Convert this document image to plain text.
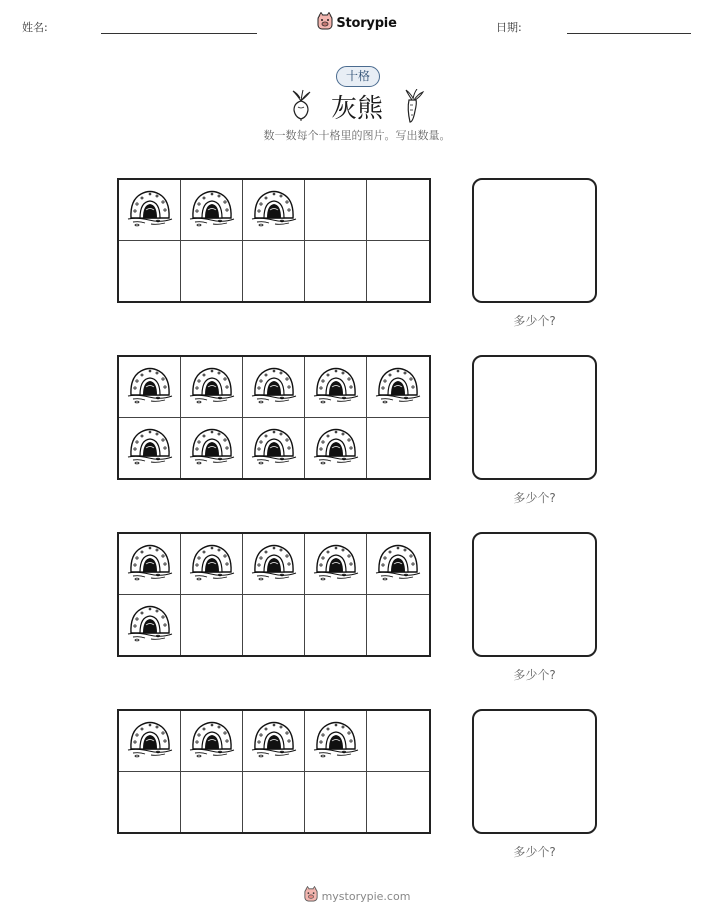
姓名:	Storypie	日期:
十格
灰熊
数一数每个十格里的图片。写出数量。
多少个?
多少个?
多少个?
多少个?
mystorypie.com
